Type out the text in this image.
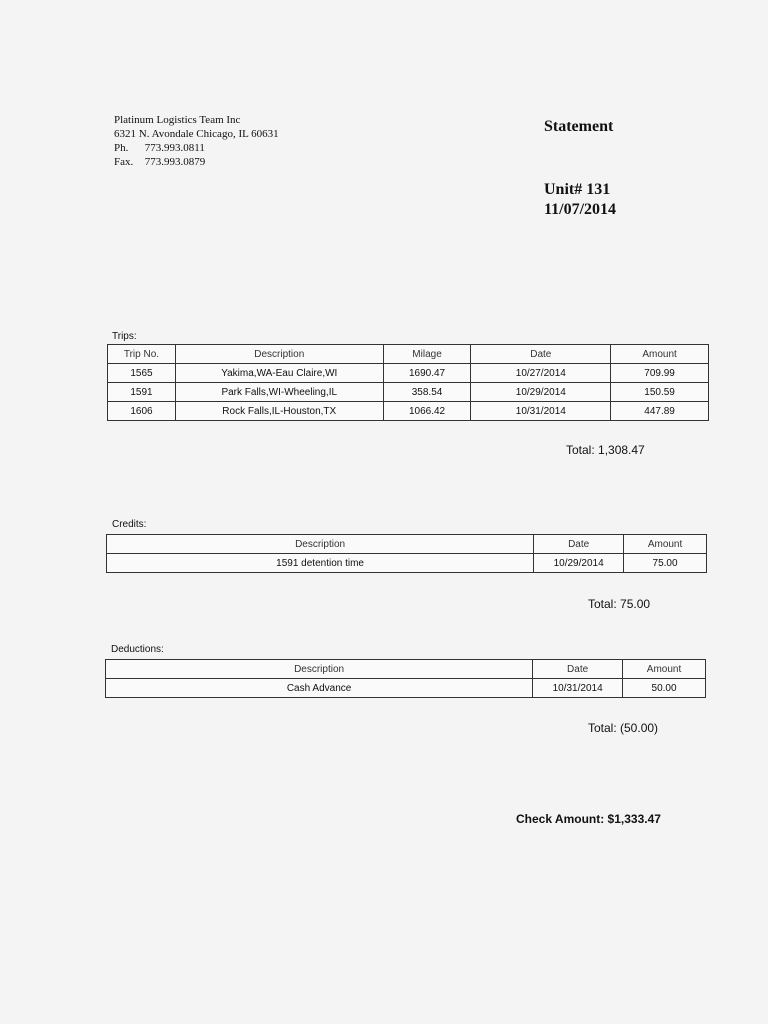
Platinum Logistics Team Inc
6321 N. Avondale Chicago, IL 60631
Ph. 773.993.0811
Fax. 773.993.0879
Statement
Unit# 131
11/07/2014
Trips:
Trip No.	Description	Milage	Date	Amount
1565	Yakima,WA-Eau Claire,WI	1690.47	10/27/2014	709.99
1591	Park Falls,WI-Wheeling,IL	358.54	10/29/2014	150.59
1606	Rock Falls,IL-Houston,TX	1066.42	10/31/2014	447.89
Total: 1,308.47
Credits:
Description	Date	Amount
1591 detention time	10/29/2014	75.00
Total: 75.00
Deductions:
Description	Date	Amount
Cash Advance	10/31/2014	50.00
Total: (50.00)
Check Amount: $1,333.47
